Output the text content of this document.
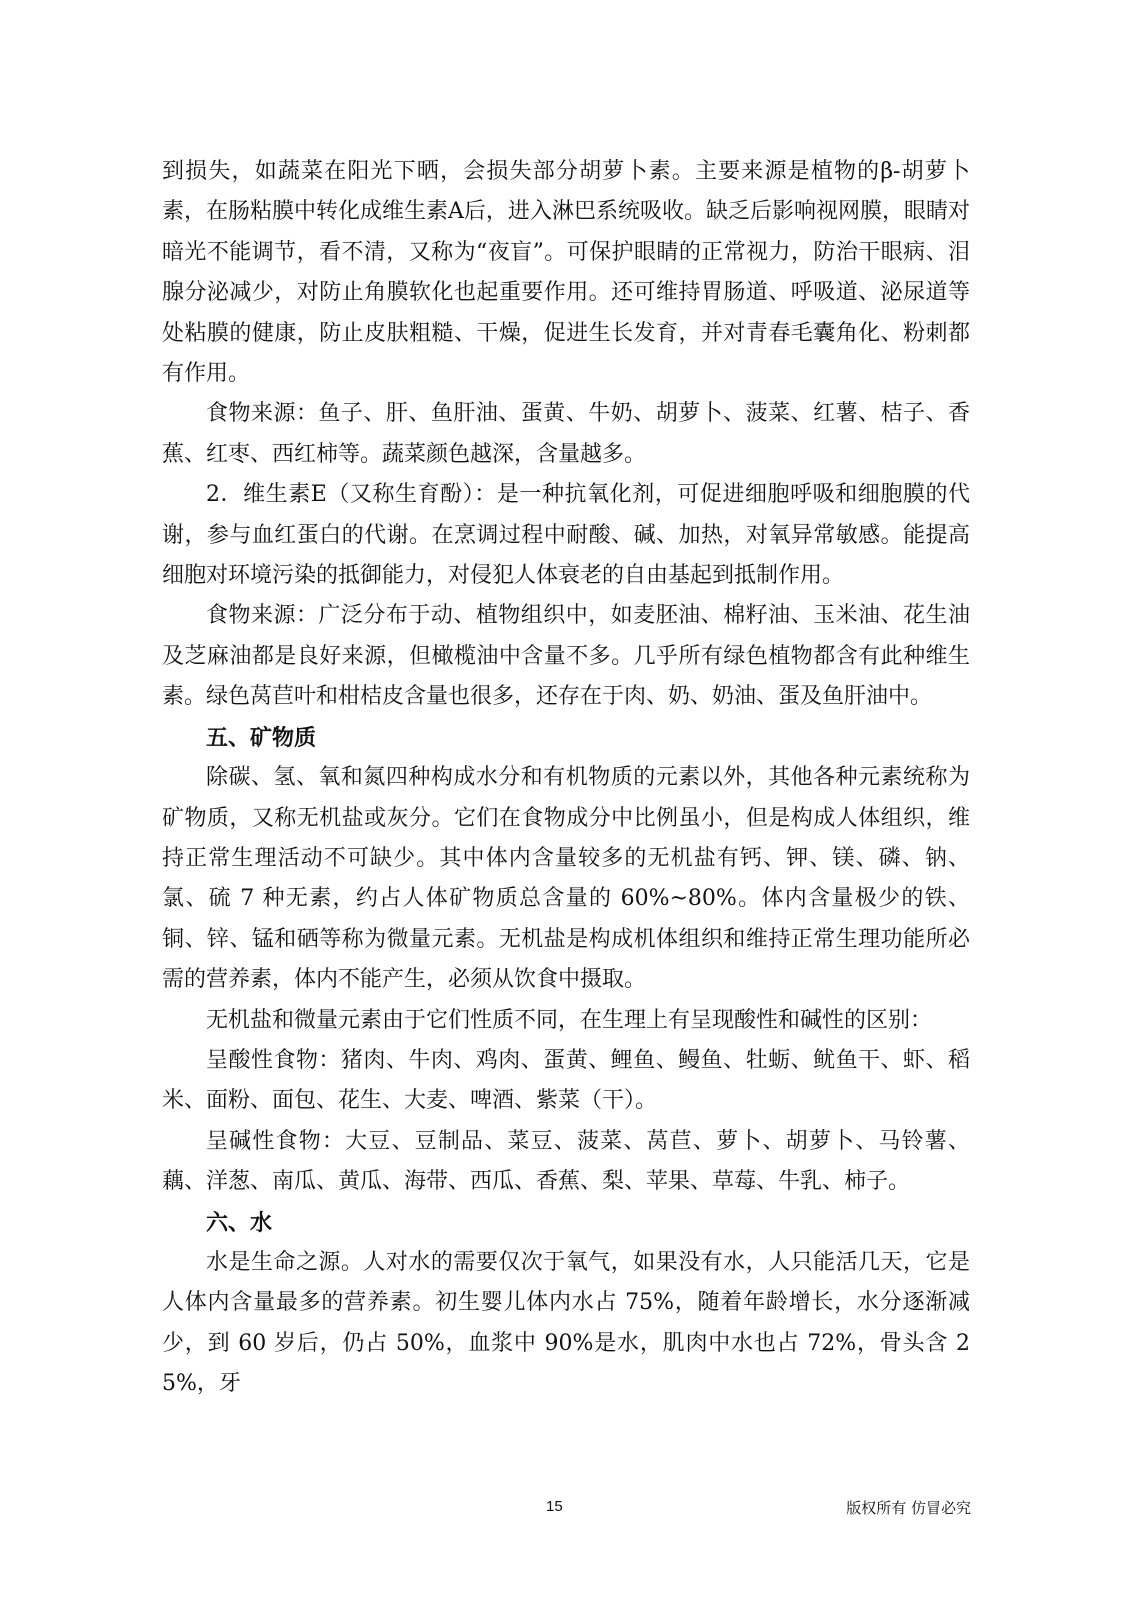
到损失，如蔬菜在阳光下晒，会损失部分胡萝卜素。主要来源是植物的β-胡萝卜素，在肠粘膜中转化成维生素A后，进入淋巴系统吸收。缺乏后影响视网膜，眼睛对暗光不能调节，看不清，又称为“夜盲”。可保护眼睛的正常视力，防治干眼病、泪腺分泌减少，对防止角膜软化也起重要作用。还可维持胃肠道、呼吸道、泌尿道等处粘膜的健康，防止皮肤粗糙、干燥，促进生长发育，并对青春毛囊角化、粉刺都有作用。

食物来源：鱼子、肝、鱼肝油、蛋黄、牛奶、胡萝卜、菠菜、红薯、桔子、香蕉、红枣、西红柿等。蔬菜颜色越深，含量越多。

2．维生素E（又称生育酚）：是一种抗氧化剂，可促进细胞呼吸和细胞膜的代谢，参与血红蛋白的代谢。在烹调过程中耐酸、碱、加热，对氧异常敏感。能提高细胞对环境污染的抵御能力，对侵犯人体衰老的自由基起到抵制作用。

食物来源：广泛分布于动、植物组织中，如麦胚油、棉籽油、玉米油、花生油及芝麻油都是良好来源，但橄榄油中含量不多。几乎所有绿色植物都含有此种维生素。绿色莴苣叶和柑桔皮含量也很多，还存在于肉、奶、奶油、蛋及鱼肝油中。

五、矿物质

除碳、氢、氧和氮四种构成水分和有机物质的元素以外，其他各种元素统称为矿物质，又称无机盐或灰分。它们在食物成分中比例虽小，但是构成人体组织，维持正常生理活动不可缺少。其中体内含量较多的无机盐有钙、钾、镁、磷、钠、氯、硫 7 种无素，约占人体矿物质总含量的 60%~80%。体内含量极少的铁、铜、锌、锰和硒等称为微量元素。无机盐是构成机体组织和维持正常生理功能所必需的营养素，体内不能产生，必须从饮食中摄取。

无机盐和微量元素由于它们性质不同，在生理上有呈现酸性和碱性的区别：

呈酸性食物：猪肉、牛肉、鸡肉、蛋黄、鲤鱼、鳗鱼、牡蛎、鱿鱼干、虾、稻米、面粉、面包、花生、大麦、啤酒、紫菜（干）。

呈碱性食物：大豆、豆制品、菜豆、菠菜、莴苣、萝卜、胡萝卜、马铃薯、藕、洋葱、南瓜、黄瓜、海带、西瓜、香蕉、梨、苹果、草莓、牛乳、柿子。

六、水

水是生命之源。人对水的需要仅次于氧气，如果没有水，人只能活几天，它是人体内含量最多的营养素。初生婴儿体内水占 75%，随着年龄增长，水分逐渐减少，到 60 岁后，仍占 50%，血浆中 90%是水，肌肉中水也占 72%，骨头含 25%，牙

15	版权所有 仿冒必究
